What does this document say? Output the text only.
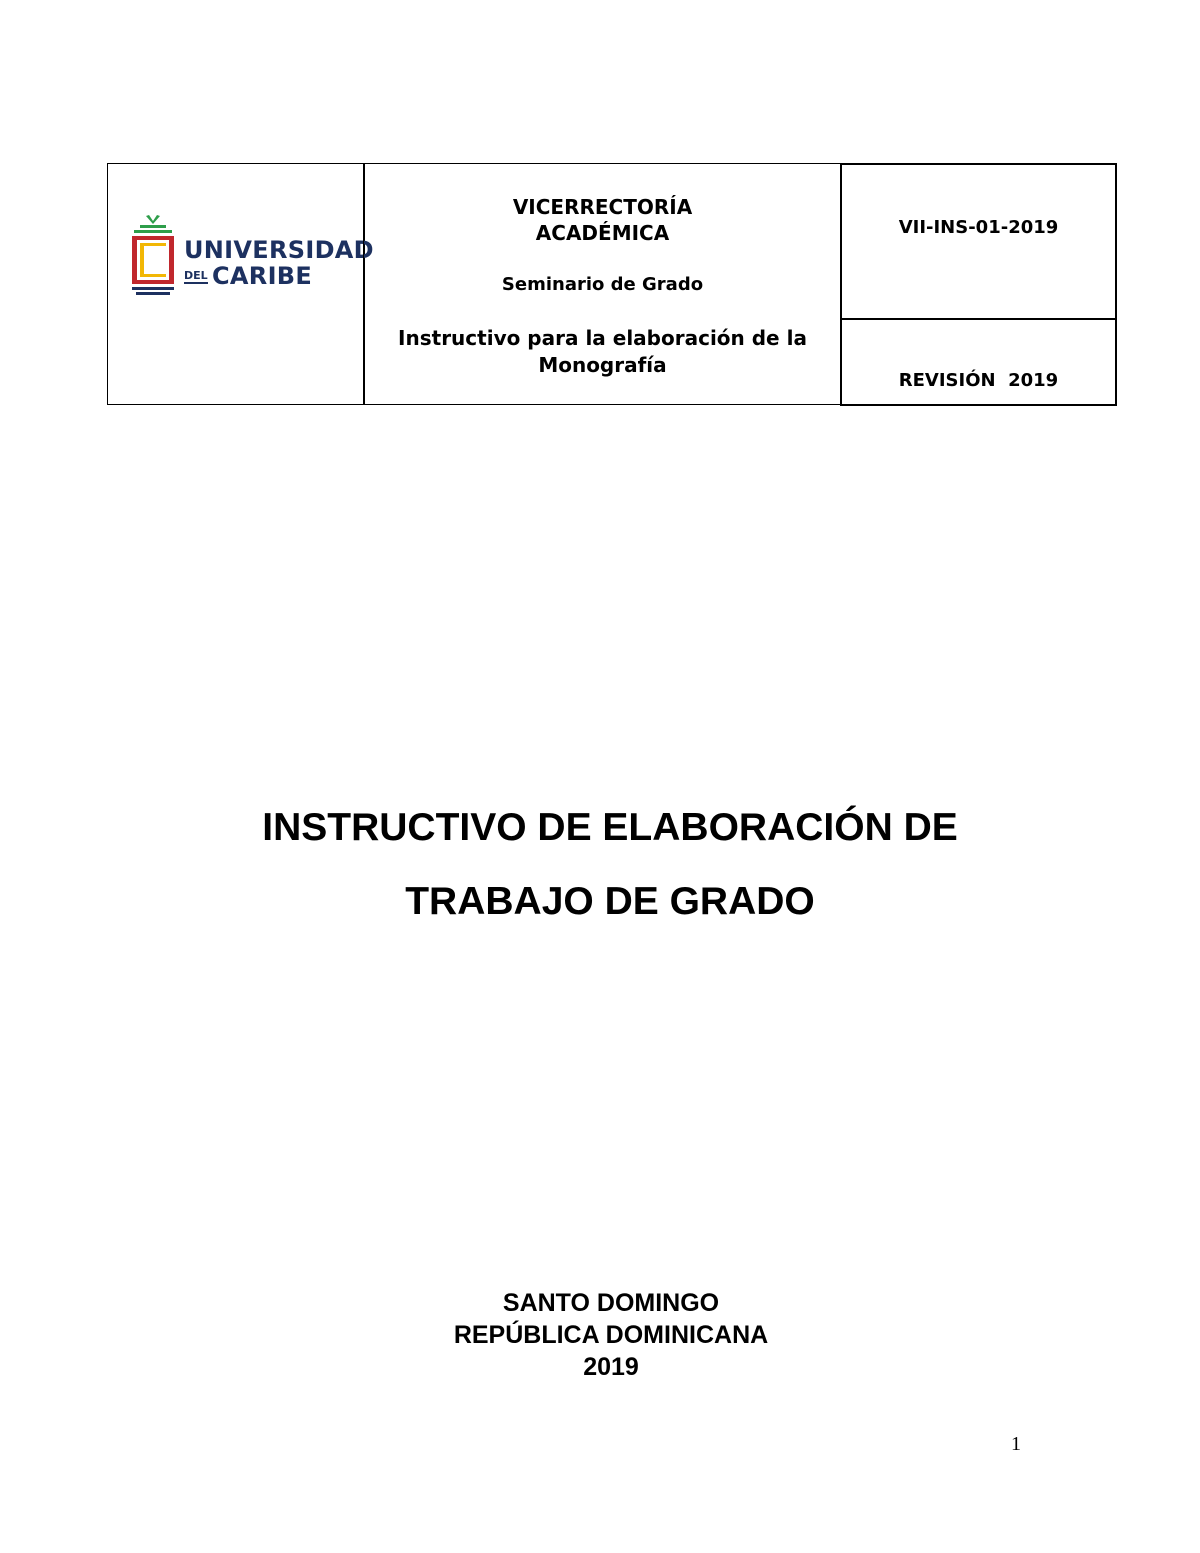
UNIVERSIDAD
DEL CARIBE
VICERRECTORÍA
ACADÉMICA
Seminario de Grado
Instructivo para la elaboración de la
Monografía
VII-INS-01-2019
REVISIÓN  2019
INSTRUCTIVO DE ELABORACIÓN DE
TRABAJO DE GRADO
SANTO DOMINGO
REPÚBLICA DOMINICANA
2019
1
